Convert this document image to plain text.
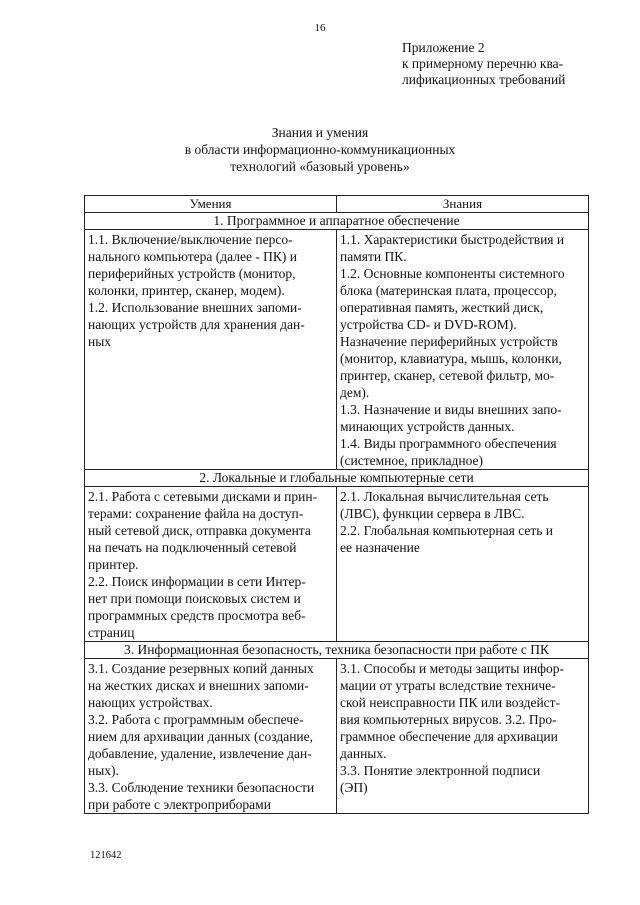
16
Приложение 2
к примерному перечню ква-
лификационных требований
Знания и умения
в области информационно-коммуникационных
технологий «базовый уровень»
Умения	Знания
1. Программное и аппаратное обеспечение
1.1. Включение/выключение персо-
нального компьютера (далее - ПК) и
периферийных устройств (монитор,
колонки, принтер, сканер, модем).
1.2. Использование внешних запоми-
нающих устройств для хранения дан-
ных
1.1. Характеристики быстродействия и
памяти ПК.
1.2. Основные компоненты системного
блока (материнская плата, процессор,
оперативная память, жесткий диск,
устройства CD- и DVD-ROM).
Назначение периферийных устройств
(монитор, клавиатура, мышь, колонки,
принтер, сканер, сетевой фильтр, мо-
дем).
1.3. Назначение и виды внешних запо-
минающих устройств данных.
1.4. Виды программного обеспечения
(системное, прикладное)
2. Локальные и глобальные компьютерные сети
2.1. Работа с сетевыми дисками и прин-
терами: сохранение файла на доступ-
ный сетевой диск, отправка документа
на печать на подключенный сетевой
принтер.
2.2. Поиск информации в сети Интер-
нет при помощи поисковых систем и
программных средств просмотра веб-
страниц
2.1. Локальная вычислительная сеть
(ЛВС), функции сервера в ЛВС.
2.2. Глобальная компьютерная сеть и
ее назначение
3. Информационная безопасность, техника безопасности при работе с ПК
3.1. Создание резервных копий данных
на жестких дисках и внешних запоми-
нающих устройствах.
3.2. Работа с программным обеспече-
нием для архивации данных (создание,
добавление, удаление, извлечение дан-
ных).
3.3. Соблюдение техники безопасности
при работе с электроприборами
3.1. Способы и методы защиты инфор-
мации от утраты вследствие техниче-
ской неисправности ПК или воздейст-
вия компьютерных вирусов. 3.2. Про-
граммное обеспечение для архивации
данных.
3.3. Понятие электронной подписи
(ЭП)
121642
